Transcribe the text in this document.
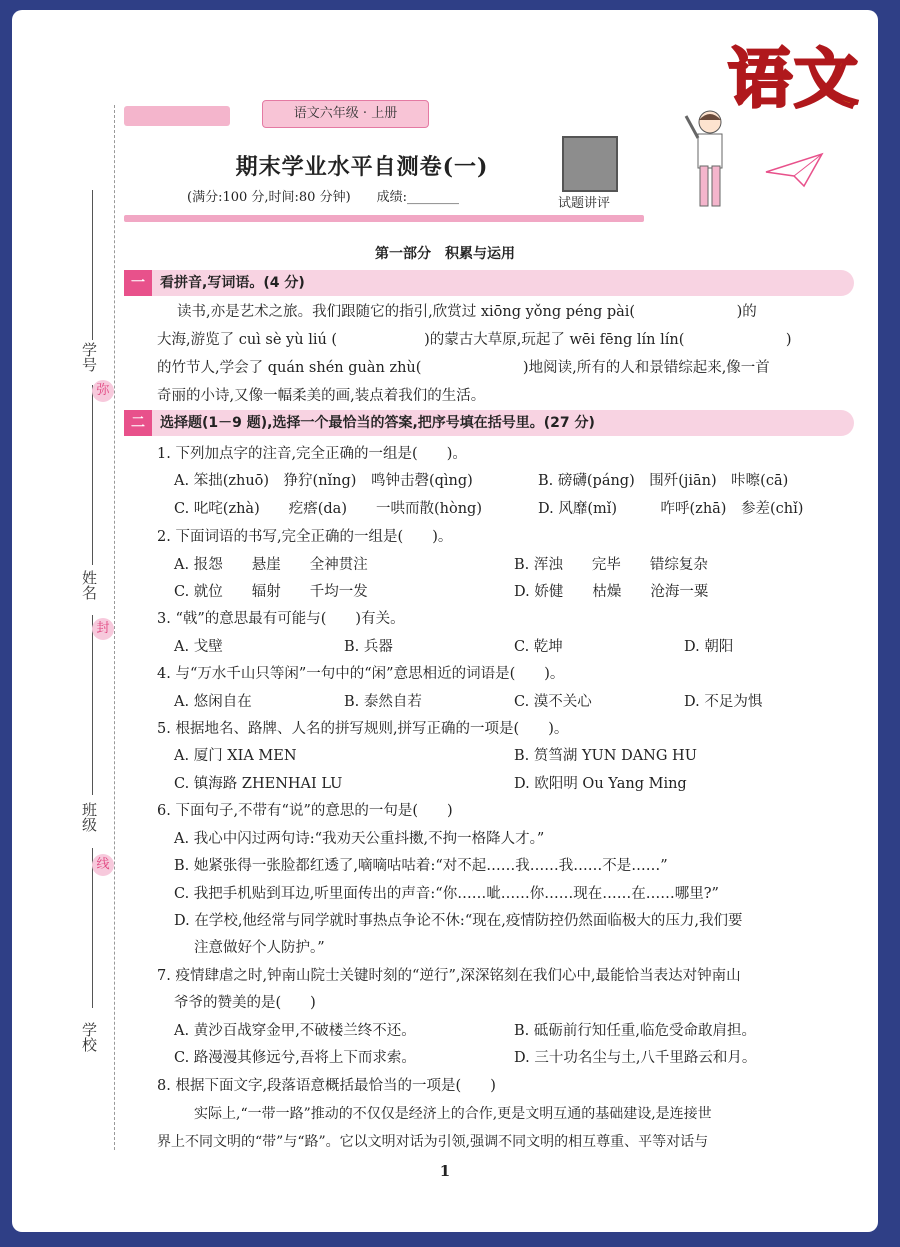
语文
学号
姓名
班级
学校
弥
封
线
语文六年级 · 上册
期末学业水平自测卷(一)
(满分:100 分,时间:80 分钟)　　成绩:________	试题讲评
第一部分　积累与运用
一 看拼音,写词语。(4 分)
读书,亦是艺术之旅。我们跟随它的指引,欣赏过 xiōng yǒng péng pài(　　　　　　　)的
大海,游览了 cuì sè yù liú (　　　　　　)的蒙古大草原,玩起了 wēi fēng lín lín(　　　　　　　)
的竹节人,学会了 quán shén guàn zhù(　　　　　　　)地阅读,所有的人和景错综起来,像一首
奇丽的小诗,又像一幅柔美的画,装点着我们的生活。
二 选择题(1－9 题),选择一个最恰当的答案,把序号填在括号里。(27 分)
1. 下列加点字的注音,完全正确的一组是(　　)。
A. 笨拙(zhuō)　狰狞(nǐng)　鸣钟击磬(qìng)	B. 磅礴(páng)　围歼(jiān)　咔嚓(cā)
C. 叱咤(zhà)　　疙瘩(da)　　一哄而散(hòng)	D. 风靡(mǐ)　　　咋呼(zhā)　参差(chǐ)
2. 下面词语的书写,完全正确的一组是(　　)。
A. 报怨　　悬崖　　全神贯注	B. 浑浊　　完毕　　错综复杂
C. 就位　　辐射　　千均一发	D. 娇健　　枯燥　　沧海一粟
3. “戟”的意思最有可能与(　　)有关。
A. 戈壁	B. 兵器	C. 乾坤	D. 朝阳
4. 与“万水千山只等闲”一句中的“闲”意思相近的词语是(　　)。
A. 悠闲自在	B. 泰然自若	C. 漠不关心	D. 不足为惧
5. 根据地名、路牌、人名的拼写规则,拼写正确的一项是(　　)。
A. 厦门 XIA MEN	B. 筼筜湖 YUN DANG HU
C. 镇海路 ZHENHAI LU	D. 欧阳明 Ou Yang Ming
6. 下面句子,不带有“说”的意思的一句是(　　)
A. 我心中闪过两句诗:“我劝天公重抖擞,不拘一格降人才。”
B. 她紧张得一张脸都红透了,嘀嘀咕咕着:“对不起……我……我……不是……”
C. 我把手机贴到耳边,听里面传出的声音:“你……呲……你……现在……在……哪里?”
D. 在学校,他经常与同学就时事热点争论不休:“现在,疫情防控仍然面临极大的压力,我们要
注意做好个人防护。”
7. 疫情肆虐之时,钟南山院士关键时刻的“逆行”,深深铭刻在我们心中,最能恰当表达对钟南山
爷爷的赞美的是(　　)
A. 黄沙百战穿金甲,不破楼兰终不还。	B. 砥砺前行知任重,临危受命敢肩担。
C. 路漫漫其修远兮,吾将上下而求索。	D. 三十功名尘与土,八千里路云和月。
8. 根据下面文字,段落语意概括最恰当的一项是(　　)
实际上,“一带一路”推动的不仅仅是经济上的合作,更是文明互通的基础建设,是连接世
界上不同文明的“带”与“路”。它以文明对话为引领,强调不同文明的相互尊重、平等对话与
1
